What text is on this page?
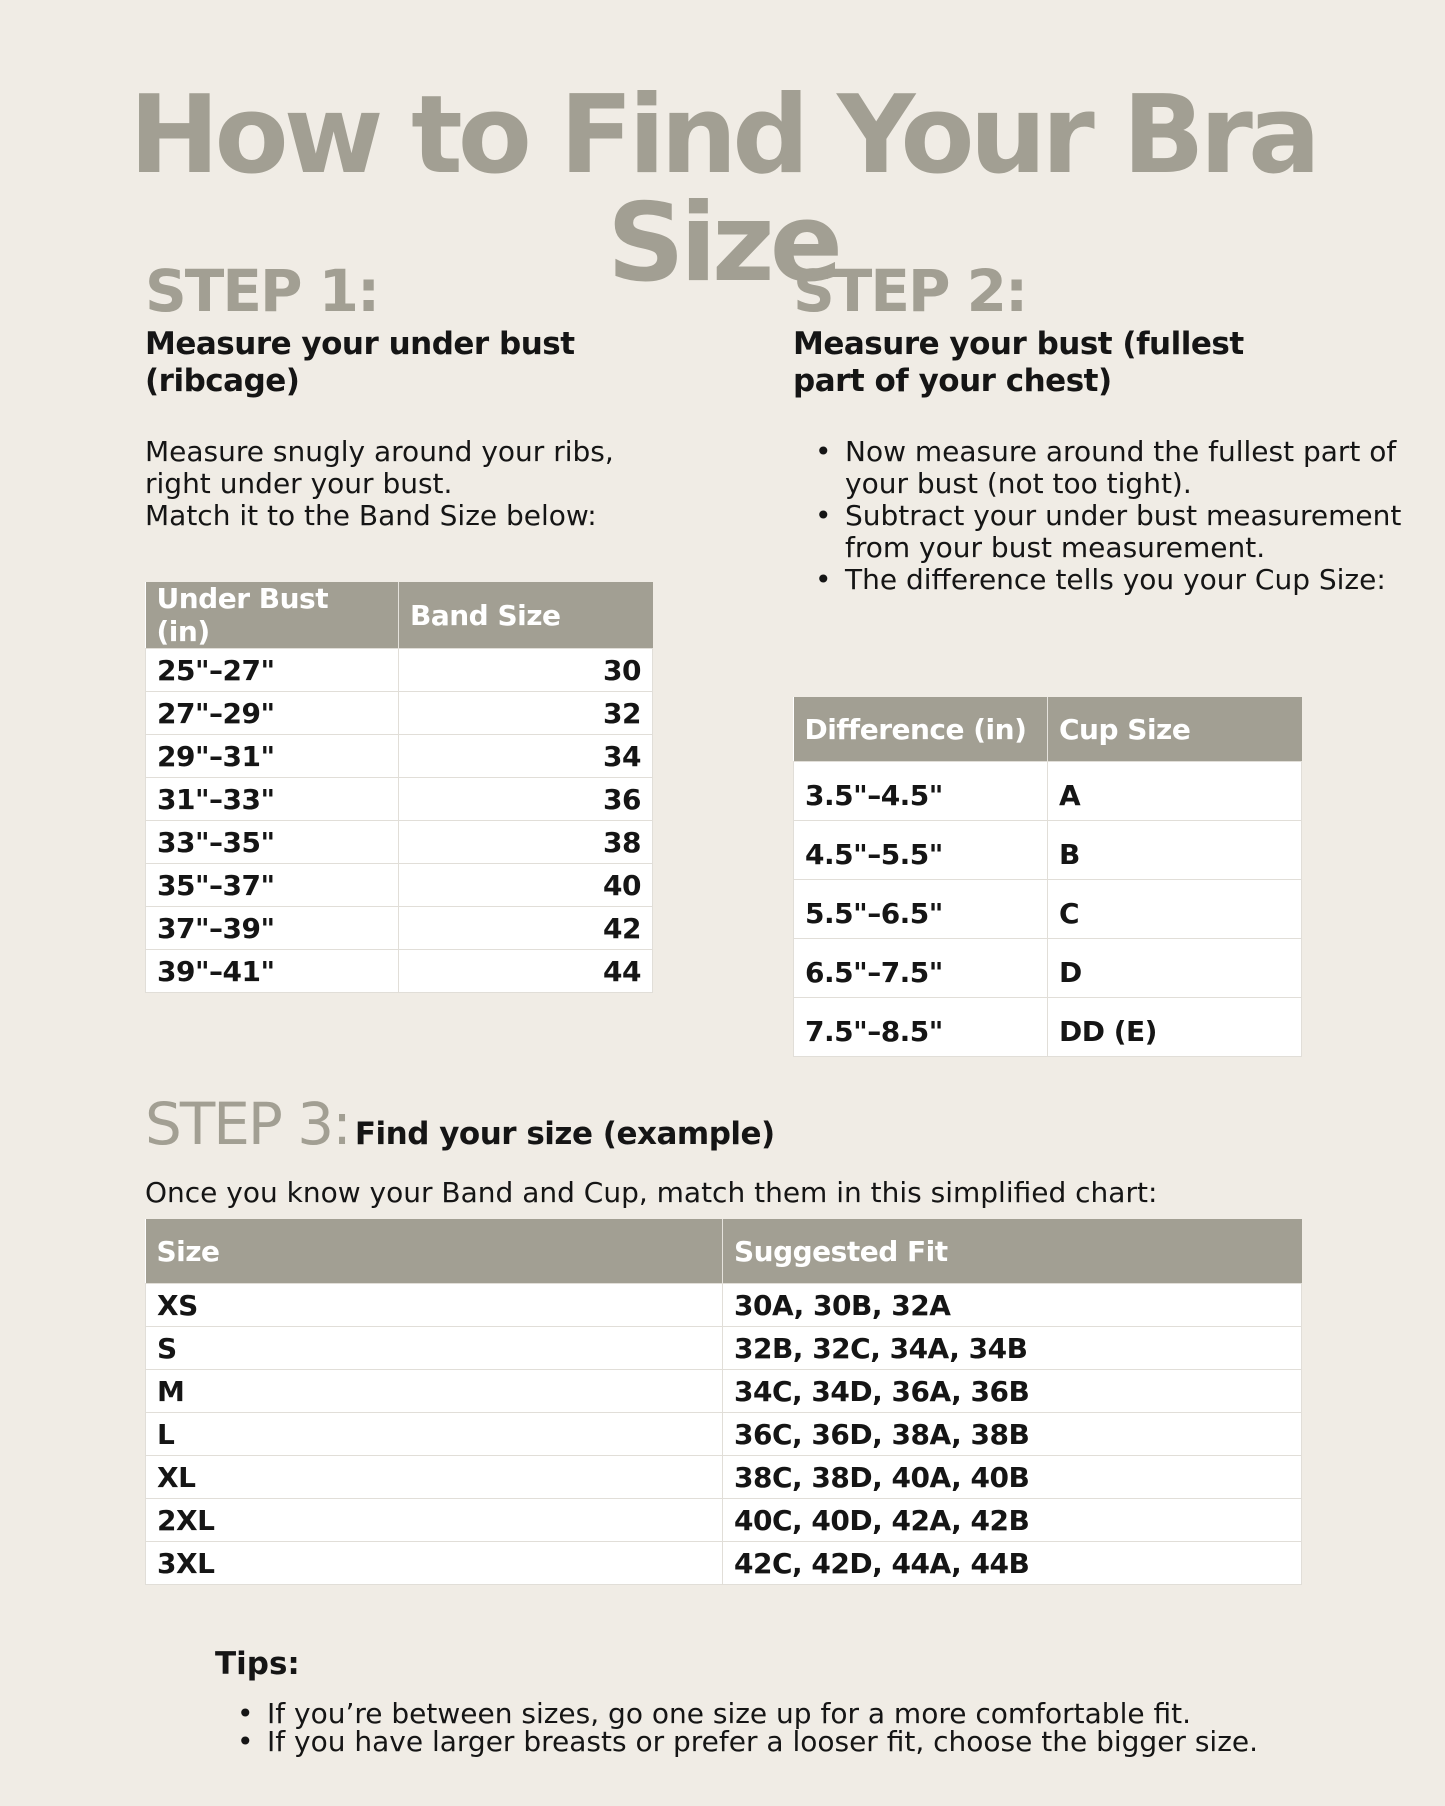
How to Find Your Bra Size

STEP 1:

Measure your under bust (ribcage)

Measure snugly around your ribs,
right under your bust.
Match it to the Band Size below:
Under Bust (in)	Band Size
25"–27"	30
27"–29"	32
29"–31"	34
31"–33"	36
33"–35"	38
35"–37"	40
37"–39"	42
39"–41"	44

STEP 2:

Measure your bust (fullest part of your chest)

• Now measure around the fullest part of your bust (not too tight).
• Subtract your under bust measurement from your bust measurement.
• The difference tells you your Cup Size:
Difference (in)	Cup Size
3.5"–4.5"	A
4.5"–5.5"	B
5.5"–6.5"	C
6.5"–7.5"	D
7.5"–8.5"	DD (E)
STEP 3: Find your size (example)

Once you know your Band and Cup, match them in this simplified chart:

Size	Suggested Fit
XS	30A, 30B, 32A
S	32B, 32C, 34A, 34B
M	34C, 34D, 36A, 36B
L	36C, 36D, 38A, 38B
XL	38C, 38D, 40A, 40B
2XL	40C, 40D, 42A, 42B
3XL	42C, 42D, 44A, 44B

Tips:

• If you’re between sizes, go one size up for a more comfortable fit.
• If you have larger breasts or prefer a looser fit, choose the bigger size.
